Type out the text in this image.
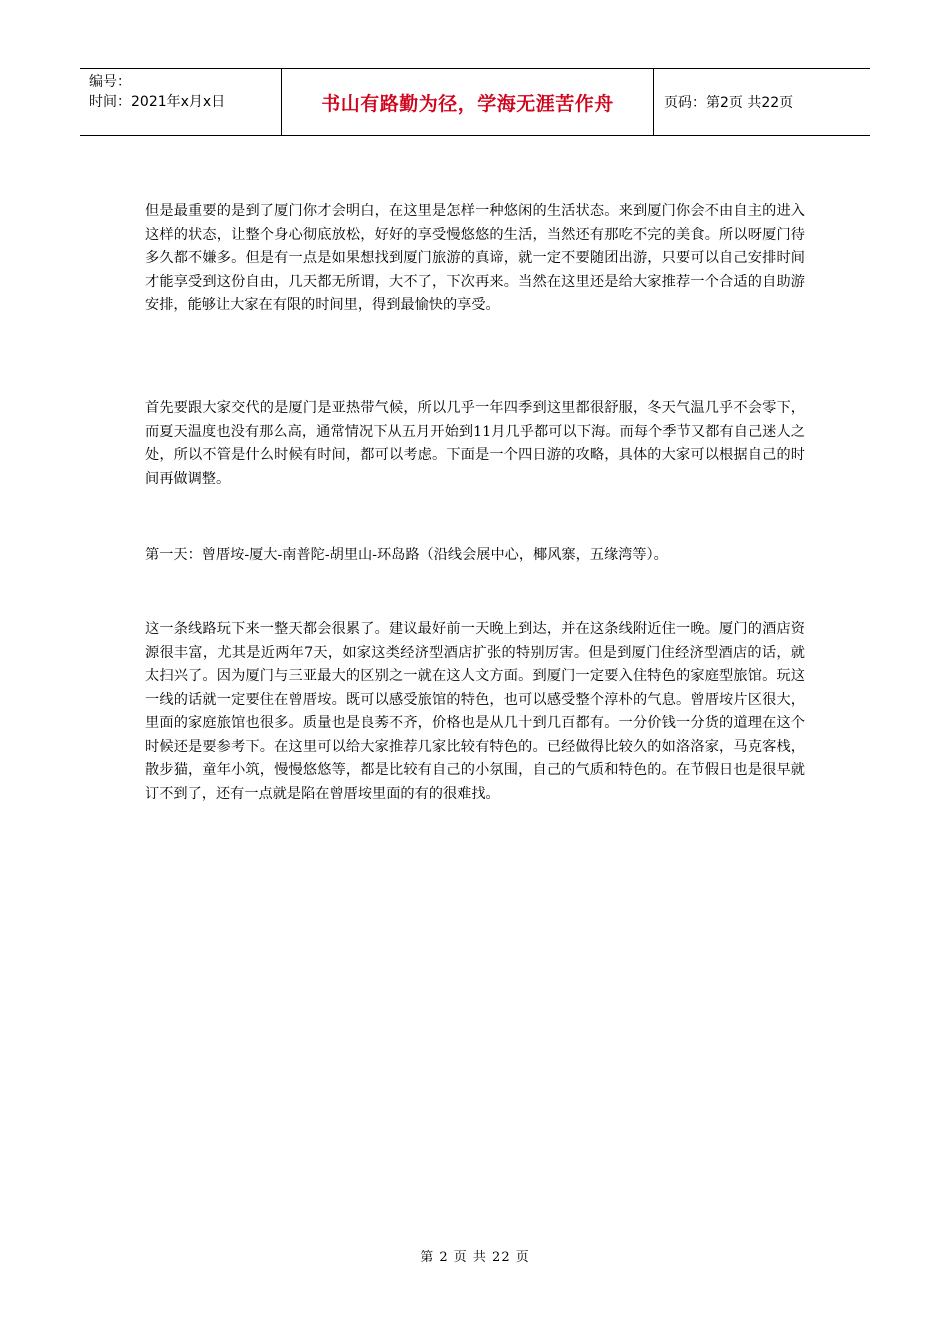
编号：
时间：2021年x月x日	书山有路勤为径，学海无涯苦作舟	页码：第2页 共22页

但是最重要的是到了厦门你才会明白，在这里是怎样一种悠闲的生活状态。来到厦门你会不由自主的进入这样的状态，让整个身心彻底放松，好好的享受慢悠悠的生活，当然还有那吃不完的美食。所以呀厦门待多久都不嫌多。但是有一点是如果想找到厦门旅游的真谛，就一定不要随团出游，只要可以自己安排时间才能享受到这份自由，几天都无所谓，大不了，下次再来。当然在这里还是给大家推荐一个合适的自助游安排，能够让大家在有限的时间里，得到最愉快的享受。

首先要跟大家交代的是厦门是亚热带气候，所以几乎一年四季到这里都很舒服，冬天气温几乎不会零下，而夏天温度也没有那么高，通常情况下从五月开始到11月几乎都可以下海。而每个季节又都有自己迷人之处，所以不管是什么时候有时间，都可以考虑。下面是一个四日游的攻略，具体的大家可以根据自己的时间再做调整。

第一天：曾厝垵-厦大-南普陀-胡里山-环岛路（沿线会展中心，椰风寨，五缘湾等）。

这一条线路玩下来一整天都会很累了。建议最好前一天晚上到达，并在这条线附近住一晚。厦门的酒店资源很丰富，尤其是近两年7天，如家这类经济型酒店扩张的特别厉害。但是到厦门住经济型酒店的话，就太扫兴了。因为厦门与三亚最大的区别之一就在这人文方面。到厦门一定要入住特色的家庭型旅馆。玩这一线的话就一定要住在曾厝垵。既可以感受旅馆的特色，也可以感受整个淳朴的气息。曾厝垵片区很大，里面的家庭旅馆也很多。质量也是良莠不齐，价格也是从几十到几百都有。一分价钱一分货的道理在这个时候还是要参考下。在这里可以给大家推荐几家比较有特色的。已经做得比较久的如洛洛家，马克客栈，散步猫，童年小筑，慢慢悠悠等，都是比较有自己的小氛围，自己的气质和特色的。在节假日也是很早就订不到了，还有一点就是陷在曾厝垵里面的有的很难找。

第 2 页 共 22 页
